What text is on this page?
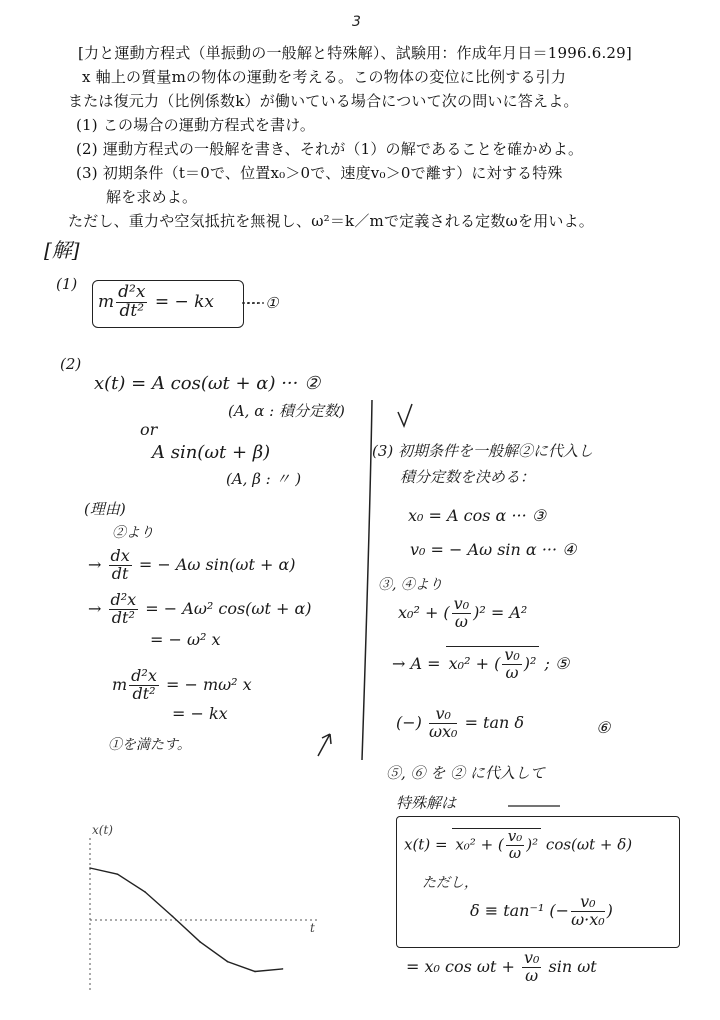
3
[力と運動方程式（単振動の一般解と特殊解）、試験用：作成年月日＝1996.6.29]
x 軸上の質量mの物体の運動を考える。この物体の変位に比例する引力
または復元力（比例係数k）が働いている場合について次の問いに答えよ。
(1) この場合の運動方程式を書け。
(2) 運動方程式の一般解を書き、それが（1）の解であることを確かめよ。
(3) 初期条件（t＝0で、位置x₀＞0で、速度v₀＞0で離す）に対する特殊
解を求めよ。
ただし、重力や空気抵抗を無視し、ω²＝k／mで定義される定数ωを用いよ。
[解]
(1)
m $\frac{\text{d²x}}{\text{dt²}}$ = − kx ··· ①
(2)
x(t) = A cos(ωt + α) ··· ②
(A, α : 積分定数)
or
A sin(ωt + β)
(A, β : 〃 )
(理由)
②より
→ $\frac{dx}{dt}$ = − Aω sin(ωt + α)
→ $\frac{\text{d²x}}{\text{dt²}}$ = − Aω² cos(ωt + α)
= − ω² x
m $\frac{\text{d²x}}{\text{dt²}}$ = − mω² x
= − kx
①を満たす。
(3) 初期条件を一般解②に代入し
積分定数を決める：
x₀ = A cos α ··· ③
v₀ = − Aω sin α ··· ④
③, ④より
x₀² + ( $\frac{\text{v₀}}{\omega} )^2 = A^2$
→ A = x₀² + ( $\frac{\text{v₀}}{\omega} )^2$ ; ⑤
(−) $\frac{\text{v₀}}{\text{ωx₀}} = \tan \delta$	⑥
⑤, ⑥ を ② に代入して
特殊解は
x(t) = x₀² + ( $\frac{\text{v₀}}{\omega} )^2$ cos(ωt + δ)
ただし，
δ ≡ tan⁻¹ (− $\frac{\text{v₀}}{\text{ω·x₀}}$ )
= x₀ $\cos \omega t + \frac{\text{v₀}}{\omega}$ sin ωt
t
x(t)
